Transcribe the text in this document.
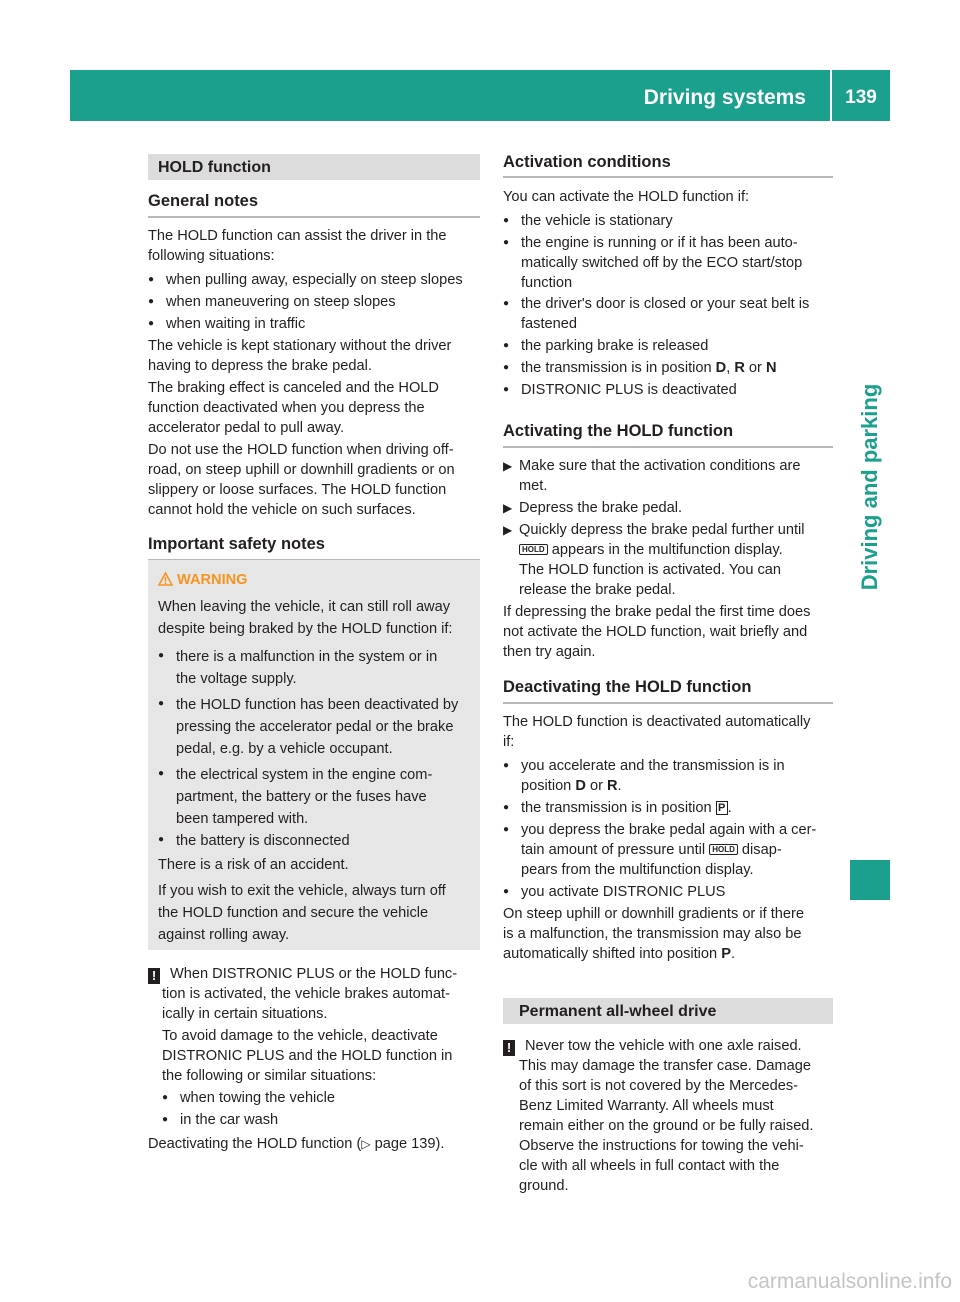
Driving systems	139
Driving and parking
HOLD function
General notes
The HOLD function can assist the driver in the
following situations:
● when pulling away, especially on steep slopes
● when maneuvering on steep slopes
● when waiting in traffic
The vehicle is kept stationary without the driver
having to depress the brake pedal.
The braking effect is canceled and the HOLD
function deactivated when you depress the
accelerator pedal to pull away.
Do not use the HOLD function when driving off-
road, on steep uphill or downhill gradients or on
slippery or loose surfaces. The HOLD function
cannot hold the vehicle on such surfaces.
Important safety notes
WARNING
When leaving the vehicle, it can still roll away
despite being braked by the HOLD function if:
● there is a malfunction in the system or in
the voltage supply.
● the HOLD function has been deactivated by
pressing the accelerator pedal or the brake
pedal, e.g. by a vehicle occupant.
● the electrical system in the engine com-
partment, the battery or the fuses have
been tampered with.
● the battery is disconnected
There is a risk of an accident.
If you wish to exit the vehicle, always turn off
the HOLD function and secure the vehicle
against rolling away.
! When DISTRONIC PLUS or the HOLD func-
tion is activated, the vehicle brakes automat-
ically in certain situations.
To avoid damage to the vehicle, deactivate
DISTRONIC PLUS and the HOLD function in
the following or similar situations:
● when towing the vehicle
● in the car wash
Deactivating the HOLD function (▷ page 139).
Activation conditions
You can activate the HOLD function if:
● the vehicle is stationary
● the engine is running or if it has been auto-
matically switched off by the ECO start/stop
function
● the driver's door is closed or your seat belt is
fastened
● the parking brake is released
● the transmission is in position D, R or N
● DISTRONIC PLUS is deactivated
Activating the HOLD function
▶ Make sure that the activation conditions are
met.
▶ Depress the brake pedal.
▶ Quickly depress the brake pedal further until
HOLD appears in the multifunction display.
The HOLD function is activated. You can
release the brake pedal.
If depressing the brake pedal the first time does
not activate the HOLD function, wait briefly and
then try again.
Deactivating the HOLD function
The HOLD function is deactivated automatically
if:
● you accelerate and the transmission is in
position D or R.
● the transmission is in position P .
● you depress the brake pedal again with a cer-
tain amount of pressure until HOLD disap-
pears from the multifunction display.
● you activate DISTRONIC PLUS
On steep uphill or downhill gradients or if there
is a malfunction, the transmission may also be
automatically shifted into position P.
Permanent all-wheel drive
! Never tow the vehicle with one axle raised.
This may damage the transfer case. Damage
of this sort is not covered by the Mercedes-
Benz Limited Warranty. All wheels must
remain either on the ground or be fully raised.
Observe the instructions for towing the vehi-
cle with all wheels in full contact with the
ground.
carmanualsonline.info
